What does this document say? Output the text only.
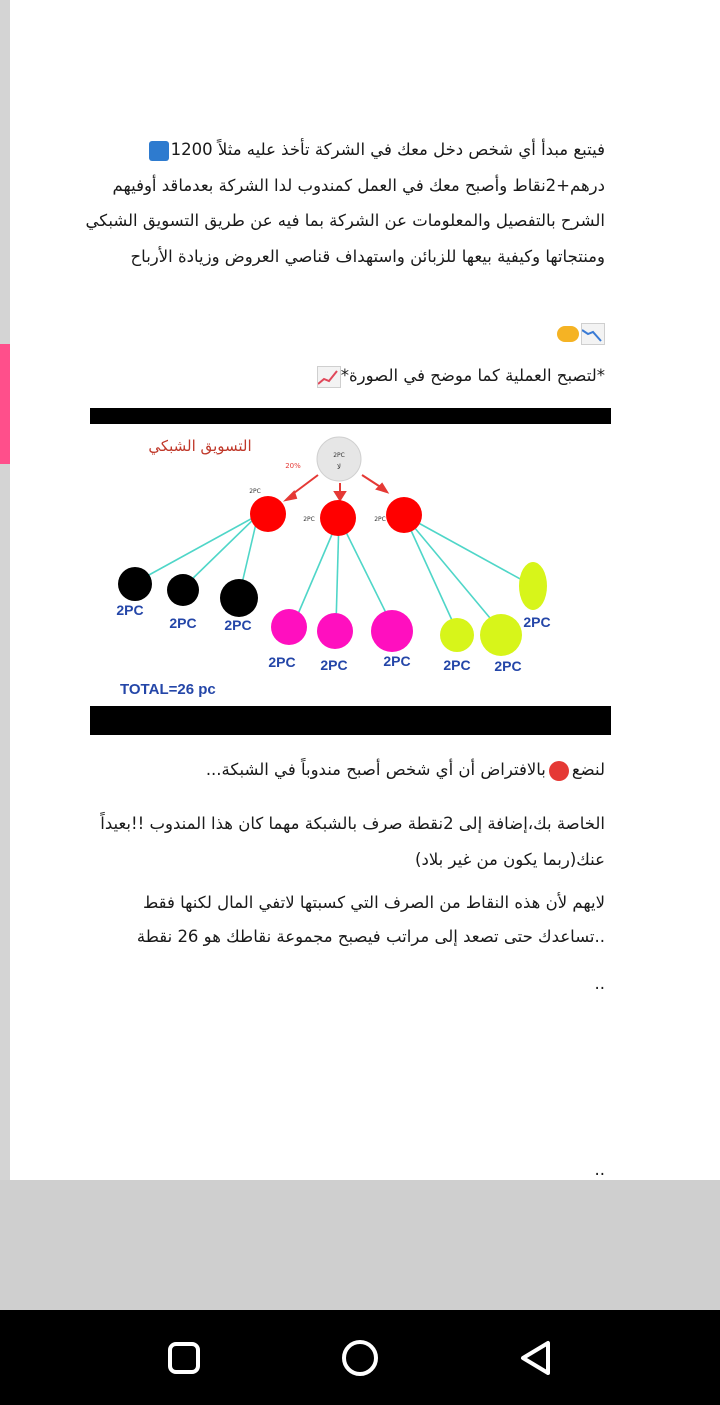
فيتبع مبدأ أي شخص دخل معك في الشركة تأخذ عليه مثلاً 1200 درهم+2نقاط وأصبح معك في العمل كمندوب لدا الشركة بعدماقد أوفيهم الشرح بالتفصيل والمعلومات عن الشركة بما فيه عن طريق التسويق الشبكي ومنتجاتها وكيفية بيعها للزبائن واستهداف قناصي العروض وزيادة الأرباح
*لتصبح العملية كما موضح في الصورة*
التسويق الشبكي
20%
2PC
لا
2PC
2PC	2PC
2PC
2PC 2PC
2PC 2PC	2PC 2PC 2PC
2PC
TOTAL=26 pc
لنضعبالافتراض أن أي شخص أصبح مندوباً في الشبكة...
الخاصة بك،إضافة إلى 2نقطة صرف بالشبكة مهما كان هذا المندوب !!بعيداً عنك(ربما يكون من غير بلاد)
لايهم لأن هذه النقاط من الصرف التي كسبتها لاتفي المال لكنها فقط ..تساعدك حتى تصعد إلى مراتب فيصبح مجموعة نقاطك هو 26 نقطة
..
..
